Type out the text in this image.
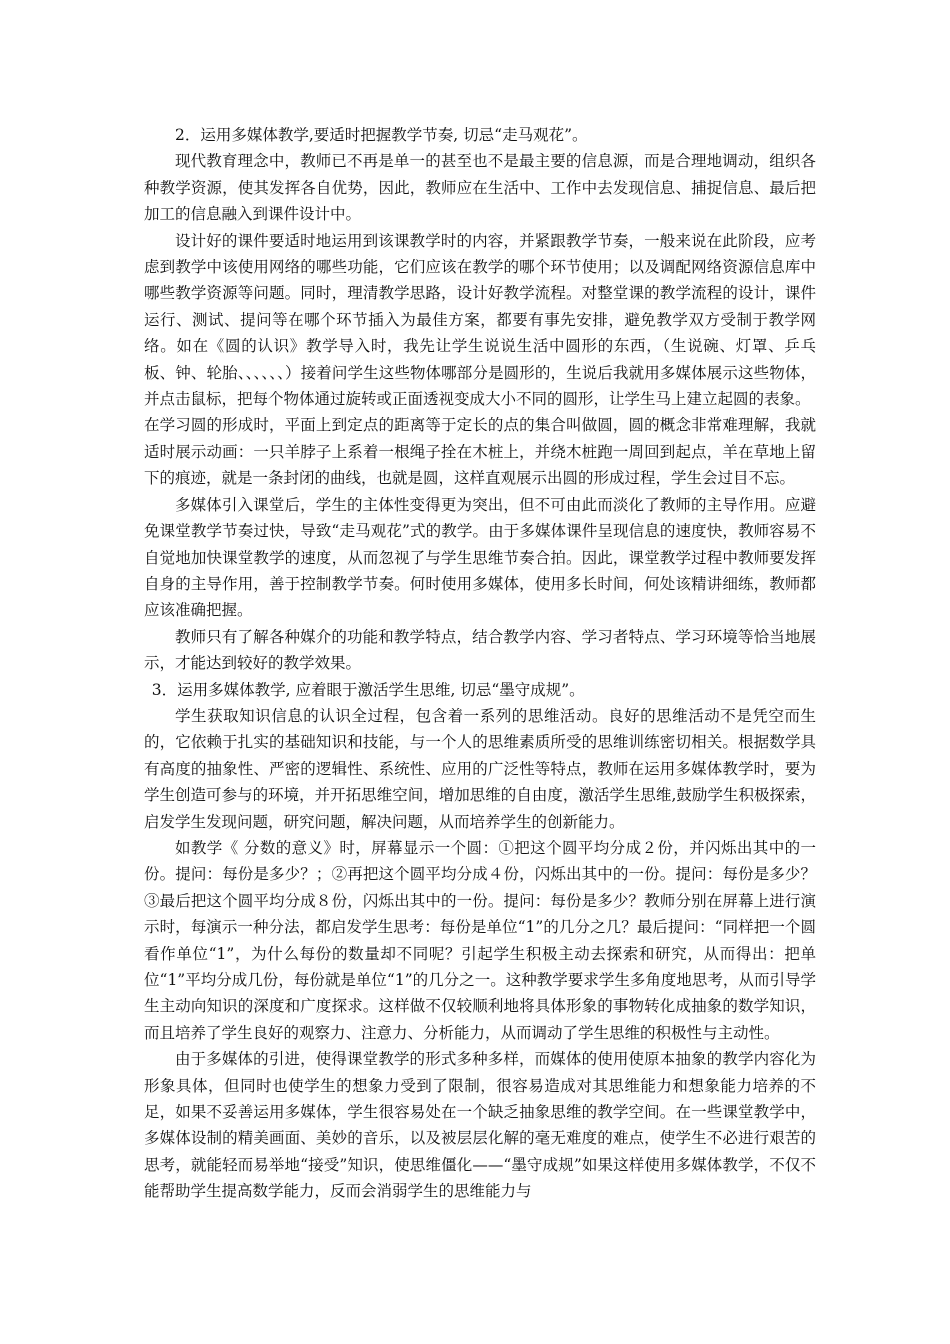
2．运用多媒体教学,要适时把握教学节奏, 切忌“走马观花”。

现代教育理念中，教师已不再是单一的甚至也不是最主要的信息源，而是合理地调动，组织各种教学资源，使其发挥各自优势，因此，教师应在生活中、工作中去发现信息、捕捉信息、最后把加工的信息融入到课件设计中。

设计好的课件要适时地运用到该课教学时的内容，并紧跟教学节奏，一般来说在此阶段，应考虑到教学中该使用网络的哪些功能，它们应该在教学的哪个环节使用；以及调配网络资源信息库中哪些教学资源等问题。同时，理清教学思路，设计好教学流程。对整堂课的教学流程的设计，课件运行、测试、提问等在哪个环节插入为最佳方案，都要有事先安排，避免教学双方受制于教学网络。如在《圆的认识》教学导入时，我先让学生说说生活中圆形的东西，（生说碗、灯罩、乒乓板、钟、轮胎、、、、、、）接着问学生这些物体哪部分是圆形的，生说后我就用多媒体展示这些物体，并点击鼠标，把每个物体通过旋转或正面透视变成大小不同的圆形，让学生马上建立起圆的表象。

在学习圆的形成时，平面上到定点的距离等于定长的点的集合叫做圆，圆的概念非常难理解，我就适时展示动画：一只羊脖子上系着一根绳子拴在木桩上，并绕木桩跑一周回到起点，羊在草地上留下的痕迹，就是一条封闭的曲线，也就是圆，这样直观展示出圆的形成过程，学生会过目不忘。

多媒体引入课堂后，学生的主体性变得更为突出，但不可由此而淡化了教师的主导作用。应避免课堂教学节奏过快，导致“走马观花”式的教学。由于多媒体课件呈现信息的速度快，教师容易不自觉地加快课堂教学的速度，从而忽视了与学生思维节奏合拍。因此，课堂教学过程中教师要发挥自身的主导作用，善于控制教学节奏。何时使用多媒体，使用多长时间，何处该精讲细练，教师都应该准确把握。

教师只有了解各种媒介的功能和教学特点，结合教学内容、学习者特点、学习环境等恰当地展示，才能达到较好的教学效果。

3．运用多媒体教学, 应着眼于激活学生思维, 切忌“墨守成规”。

学生获取知识信息的认识全过程，包含着一系列的思维活动。良好的思维活动不是凭空而生的，它依赖于扎实的基础知识和技能，与一个人的思维素质所受的思维训练密切相关。根据数学具有高度的抽象性、严密的逻辑性、系统性、应用的广泛性等特点，教师在运用多媒体教学时，要为学生创造可参与的环境，并开拓思维空间，增加思维的自由度，激活学生思维,鼓励学生积极探索，启发学生发现问题，研究问题，解决问题，从而培养学生的创新能力。

如教学《 分数的意义》时，屏幕显示一个圆：①把这个圆平均分成２份，并闪烁出其中的一份。提问：每份是多少？；②再把这个圆平均分成４份，闪烁出其中的一份。提问：每份是多少？③最后把这个圆平均分成８份，闪烁出其中的一份。提问：每份是多少？教师分别在屏幕上进行演示时，每演示一种分法，都启发学生思考：每份是单位“1”的几分之几？最后提问：“同样把一个圆看作单位“1”，为什么每份的数量却不同呢？引起学生积极主动去探索和研究，从而得出：把单位“1”平均分成几份，每份就是单位“1”的几分之一。这种教学要求学生多角度地思考，从而引导学生主动向知识的深度和广度探求。这样做不仅较顺利地将具体形象的事物转化成抽象的数学知识，而且培养了学生良好的观察力、注意力、分析能力，从而调动了学生思维的积极性与主动性。

由于多媒体的引进，使得课堂教学的形式多种多样，而媒体的使用使原本抽象的教学内容化为形象具体，但同时也使学生的想象力受到了限制，很容易造成对其思维能力和想象能力培养的不足，如果不妥善运用多媒体，学生很容易处在一个缺乏抽象思维的教学空间。在一些课堂教学中，多媒体设制的精美画面、美妙的音乐，以及被层层化解的毫无难度的难点，使学生不必进行艰苦的思考，就能轻而易举地“接受”知识，使思维僵化——“墨守成规”如果这样使用多媒体教学，不仅不能帮助学生提高数学能力，反而会消弱学生的思维能力与
